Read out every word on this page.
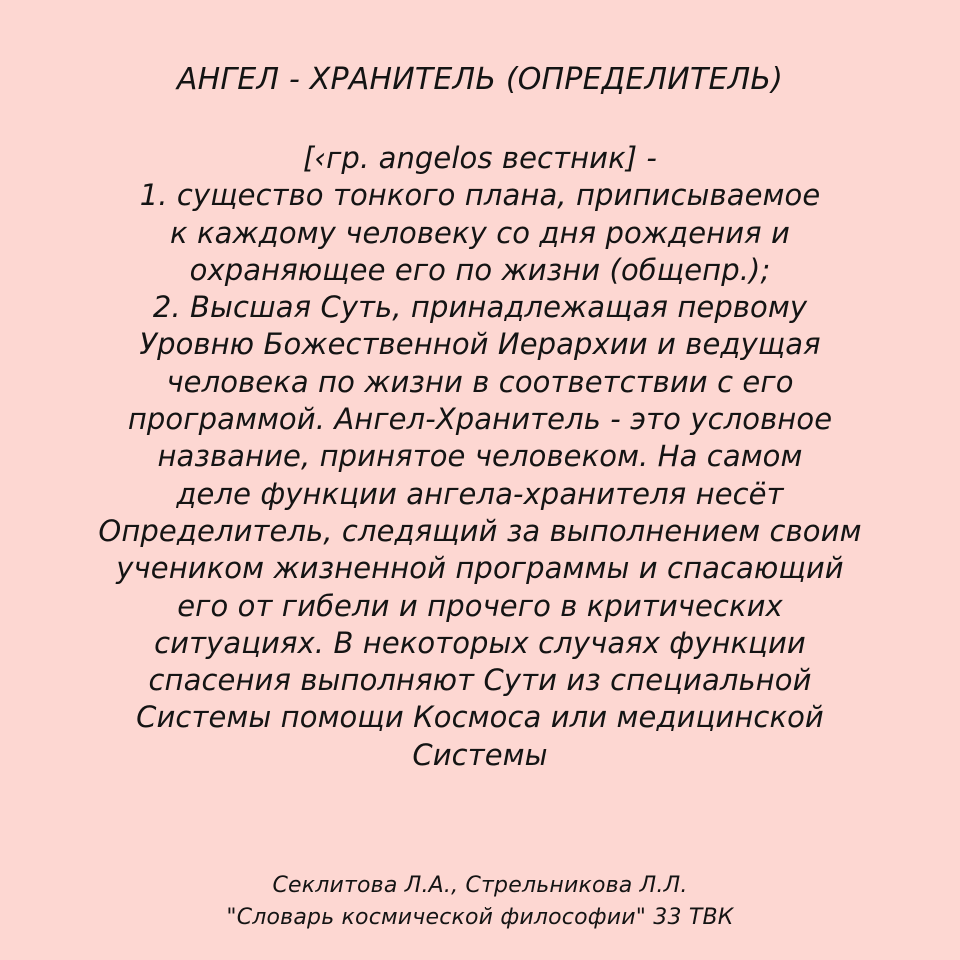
АНГЕЛ - ХРАНИТЕЛЬ (ОПРЕДЕЛИТЕЛЬ)
[‹гр. angelos вестник] -
1. существо тонкого плана, приписываемое
к каждому человеку со дня рождения и
охраняющее его по жизни (общепр.);
2. Высшая Суть, принадлежащая первому
Уровню Божественной Иерархии и ведущая
человека по жизни в соответствии с его
программой. Ангел-Хранитель - это условное
название, принятое человеком. На самом
деле функции ангела-хранителя несёт
Определитель, следящий за выполнением своим
учеником жизненной программы и спасающий
его от гибели и прочего в критических
ситуациях. В некоторых случаях функции
спасения выполняют Сути из специальной
Системы помощи Космоса или медицинской
Системы
Секлитова Л.А., Стрельникова Л.Л.
"Словарь космической философии" 33 ТВК
